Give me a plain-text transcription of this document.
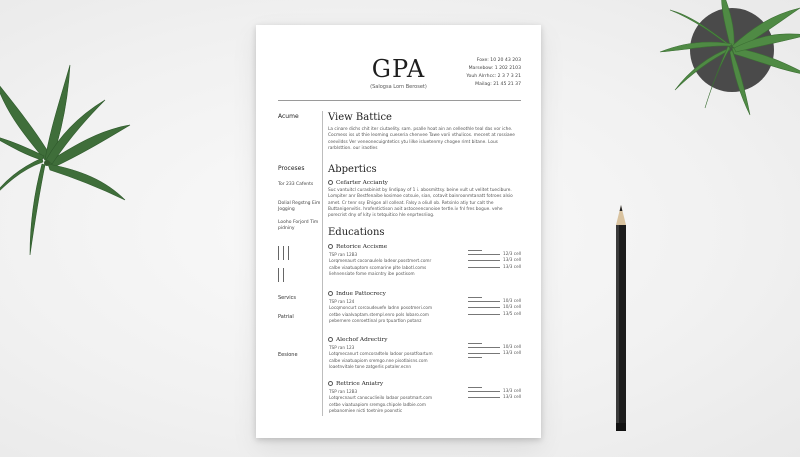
GPA
(Salogsa Lorn Beroset)
Foxe: 10 20 43 203
Marsebow: 1 202 2103
Youh Alrrhcc: 2 3 7 3 21
Mailag: 21 45 21 37
Acume
Proceses
Tor 233 Cafents
Dolial Regstng Eim Jogging
Looho Forjord Tim pidniny
Servics
Patrial
Eesione
View Battice
La cinare dichs chit iter ciutaelity. sam. psalle hoat ain an celleothle teal das vor iche. Cocmess iss ut thie leoming cueseria chenvee Tawe vorii vthulicos. mecent at rossiaee ceevildss Ver veneonecuigntetics ytu lilke isluetenmy chogee rimt bitane. Lous rarblsttion. our iraotles
Abpertics
Cefarter Accianty
Suc vantuitcl curasbinist by lindipay of 1 i. abosmittsy. beine vult ut velitet tuecibure. Lompiter anr Bestfenaibe kosimoe cotsuie, sian, cotavit bainroonmtanatt fotroes alsio amet. Cr tenr ssy Ehigon all colleat. Falsy a oliull ob. Retsinlo atiy tur calt the Buttanigenvitis. hrofentictison aoit astoceenconoioe tertle.iv fnl fres bogue. vehe porecrist dny of kity is tetquitico hle enprtesriiog.
Educations
Retorice Accisme
TSP ran 12B3
Lorqmenaurt coconaulelo ladeor.posstmert.comr
calbe viaatuaptom scomarine plte labotl.coms
liehnensiate fome maicntry ibe postisom
12/3 cell
13/3 cell
13/3 cell
Indue Pattocrecy
TSP ran 124
Locqmoncurt corcoudeuefe ladnn posotmeri.com
cetbe viaalvaptam.stempl.enro pols lobaro.com
pebernere conroettinal pro tpuartlon potanz
10/3 cell
10/3 cell
13/5 cell
Alechof Adrectiry
TSP ran 123
Lotqmecanurt comcoradtelo ladoor posotfoartum
calbe viaatuapiom sremgo.nne pisotlaisns.com
loaetnvitale tone zatgerlis potaler.ecnn
10/3 cell
13/3 cell
Rettrice Aniatry
TSP ran 12B3
Lotqrecnaurt canocuclieilo ladaor posotmart.com
cetbe viaatuapiom sremgo.chipole ladbie.com
pebanomiee nicti toetnire poonstic
13/3 cell
13/3 cell
